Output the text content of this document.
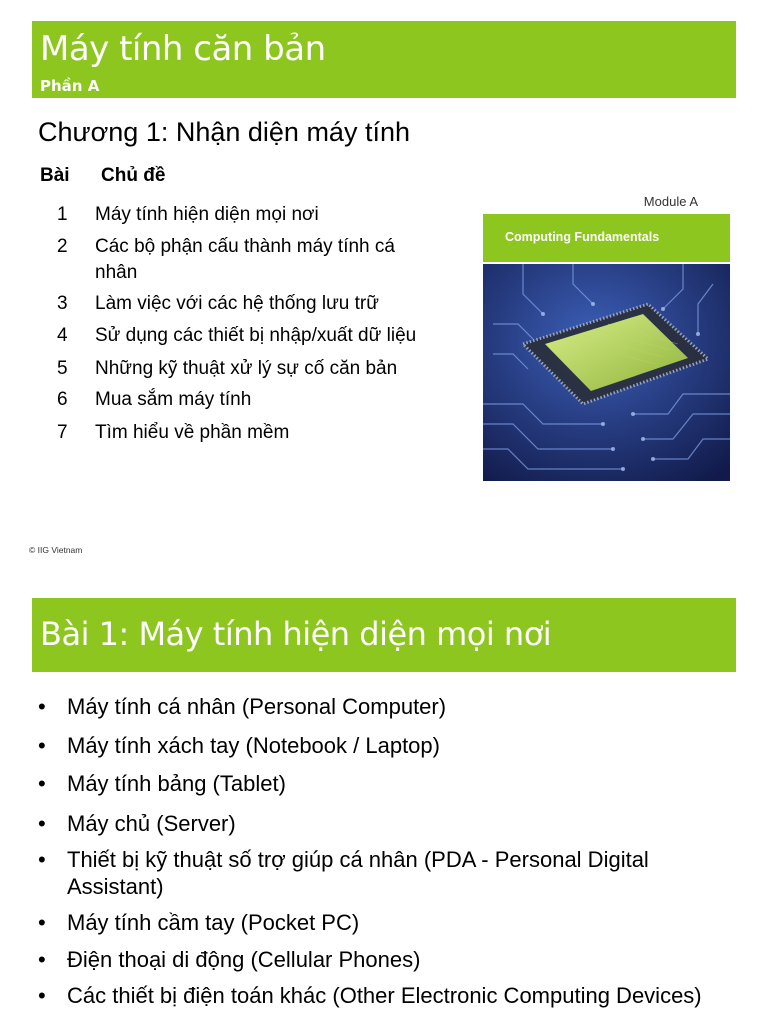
Máy tính căn bản
Phần A
Chương 1: Nhận diện máy tính
Bài Chủ đề
1 Máy tính hiện diện mọi nơi
2 Các bộ phận cấu thành máy tính cá nhân
3 Làm việc với các hệ thống lưu trữ
4 Sử dụng các thiết bị nhập/xuất dữ liệu
5 Những kỹ thuật xử lý sự cố căn bản
6 Mua sắm máy tính
7 Tìm hiểu về phần mềm
Module A
Computing Fundamentals
© IIG Vietnam
Bài 1: Máy tính hiện diện mọi nơi
• Máy tính cá nhân (Personal Computer)
• Máy tính xách tay (Notebook / Laptop)
• Máy tính bảng (Tablet)
• Máy chủ (Server)
• Thiết bị kỹ thuật số trợ giúp cá nhân (PDA - Personal Digital Assistant)
• Máy tính cầm tay (Pocket PC)
• Điện thoại di động (Cellular Phones)
• Các thiết bị điện toán khác (Other Electronic Computing Devices)
